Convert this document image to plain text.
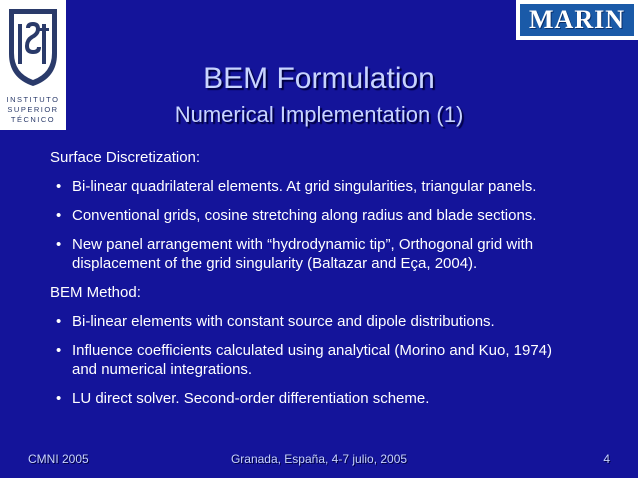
INSTITUTO
SUPERIOR
TÉCNICO
MARIN
BEM Formulation
Numerical Implementation (1)
Surface Discretization:
• Bi-linear quadrilateral elements. At grid singularities, triangular panels.
• Conventional grids, cosine stretching along radius and blade sections.
• New panel arrangement with “hydrodynamic tip”, Orthogonal grid with
displacement of the grid singularity (Baltazar and Eça, 2004).
BEM Method:
• Bi-linear elements with constant source and dipole distributions.
• Influence coefficients calculated using analytical (Morino and Kuo, 1974)
and numerical integrations.
• LU direct solver. Second-order differentiation scheme.
CMNI 2005	Granada, España, 4-7 julio, 2005	4
